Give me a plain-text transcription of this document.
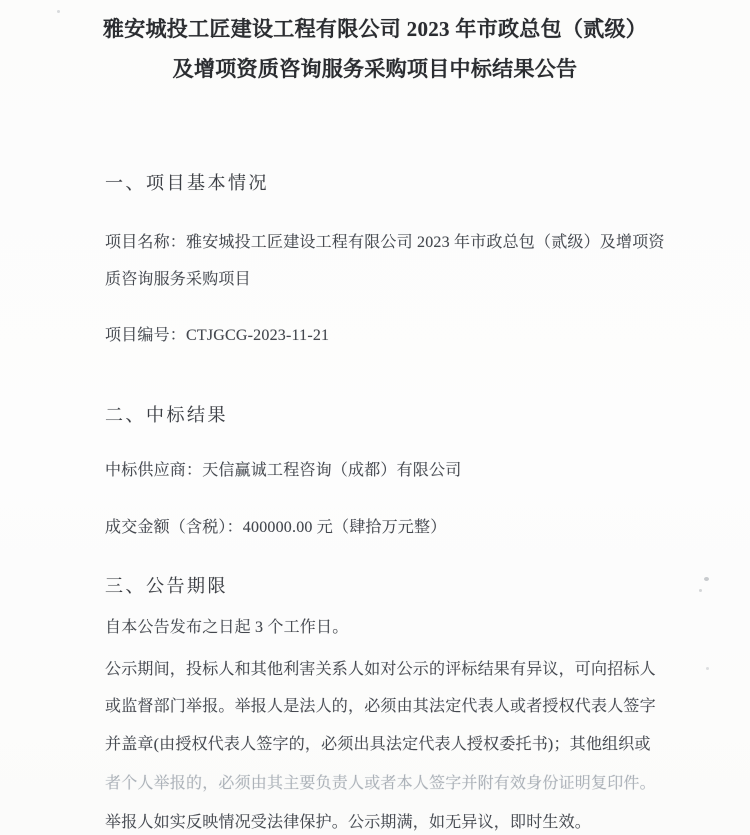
雅安城投工匠建设工程有限公司 2023 年市政总包（贰级）
及增项资质咨询服务采购项目中标结果公告
一、项目基本情况
项目名称：雅安城投工匠建设工程有限公司 2023 年市政总包（贰级）及增项资
质咨询服务采购项目
项目编号：CTJGCG-2023-11-21
二、中标结果
中标供应商：天信赢诚工程咨询（成都）有限公司
成交金额（含税）：400000.00 元（肆拾万元整）
三、公告期限
自本公告发布之日起 3 个工作日。
公示期间，投标人和其他利害关系人如对公示的评标结果有异议，可向招标人
或监督部门举报。举报人是法人的，必须由其法定代表人或者授权代表人签字
并盖章(由授权代表人签字的，必须出具法定代表人授权委托书)；其他组织或
者个人举报的，必须由其主要负责人或者本人签字并附有效身份证明复印件。
举报人如实反映情况受法律保护。公示期满，如无异议，即时生效。
